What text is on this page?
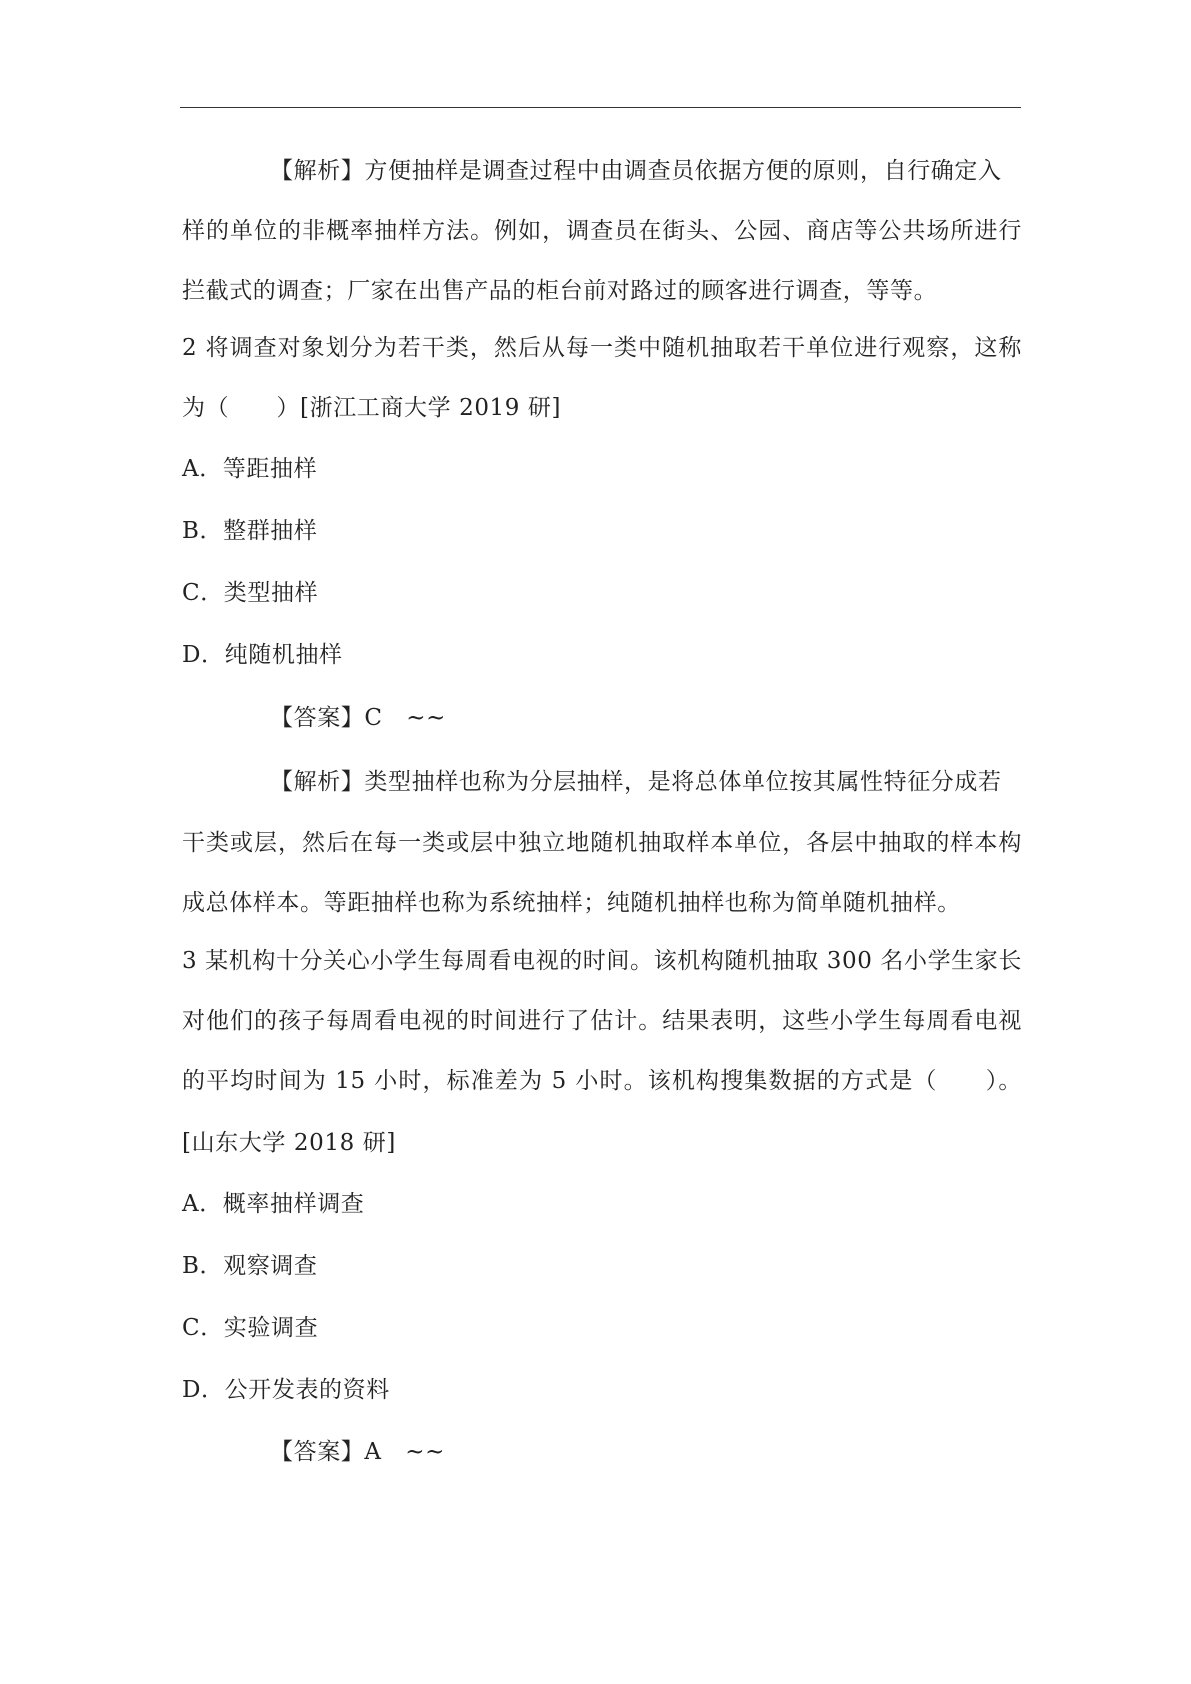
【解析】方便抽样是调查过程中由调查员依据方便的原则，自行确定入
样的单位的非概率抽样方法。例如，调查员在街头、公园、商店等公共场所进行
拦截式的调查；厂家在出售产品的柜台前对路过的顾客进行调查，等等。
2 将调查对象划分为若干类，然后从每一类中随机抽取若干单位进行观察，这称
为（　　）[浙江工商大学 2019 研]
A．等距抽样
B．整群抽样
C．类型抽样
D．纯随机抽样
【答案】C　~~
【解析】类型抽样也称为分层抽样，是将总体单位按其属性特征分成若
干类或层，然后在每一类或层中独立地随机抽取样本单位，各层中抽取的样本构
成总体样本。等距抽样也称为系统抽样；纯随机抽样也称为简单随机抽样。
3 某机构十分关心小学生每周看电视的时间。该机构随机抽取 300 名小学生家长
对他们的孩子每周看电视的时间进行了估计。结果表明，这些小学生每周看电视
的平均时间为 15 小时，标准差为 5 小时。该机构搜集数据的方式是（　　）。
[山东大学 2018 研]
A．概率抽样调查
B．观察调查
C．实验调查
D．公开发表的资料
【答案】A　~~
